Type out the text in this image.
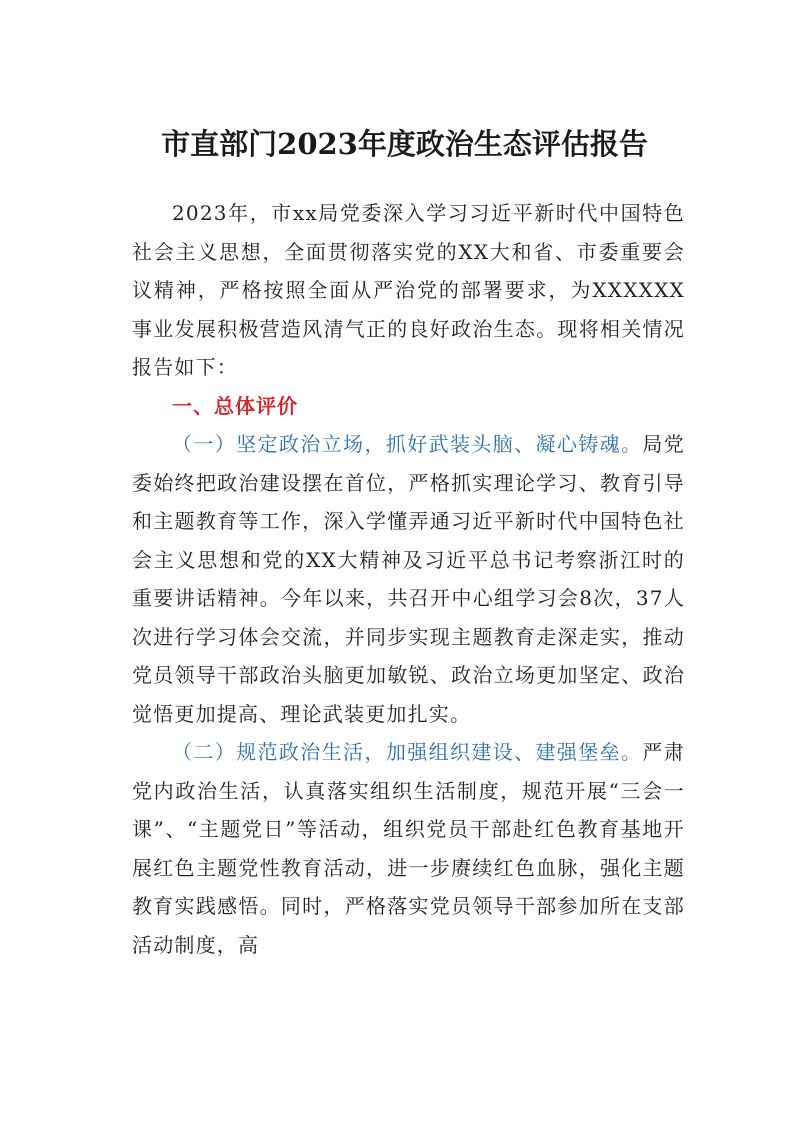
市直部门2023年度政治生态评估报告

2023年，市xx局党委深入学习习近平新时代中国特色社会主义思想，全面贯彻落实党的XX大和省、市委重要会议精神，严格按照全面从严治党的部署要求，为XXXXXX事业发展积极营造风清气正的良好政治生态。现将相关情况报告如下：

一、总体评价

（一）坚定政治立场，抓好武装头脑、凝心铸魂。局党委始终把政治建设摆在首位，严格抓实理论学习、教育引导和主题教育等工作，深入学懂弄通习近平新时代中国特色社会主义思想和党的XX大精神及习近平总书记考察浙江时的重要讲话精神。今年以来，共召开中心组学习会8次，37人次进行学习体会交流，并同步实现主题教育走深走实，推动党员领导干部政治头脑更加敏锐、政治立场更加坚定、政治觉悟更加提高、理论武装更加扎实。

（二）规范政治生活，加强组织建设、建强堡垒。严肃党内政治生活，认真落实组织生活制度，规范开展“三会一课”、“主题党日”等活动，组织党员干部赴红色教育基地开展红色主题党性教育活动，进一步赓续红色血脉，强化主题教育实践感悟。同时，严格落实党员领导干部参加所在支部活动制度，高
